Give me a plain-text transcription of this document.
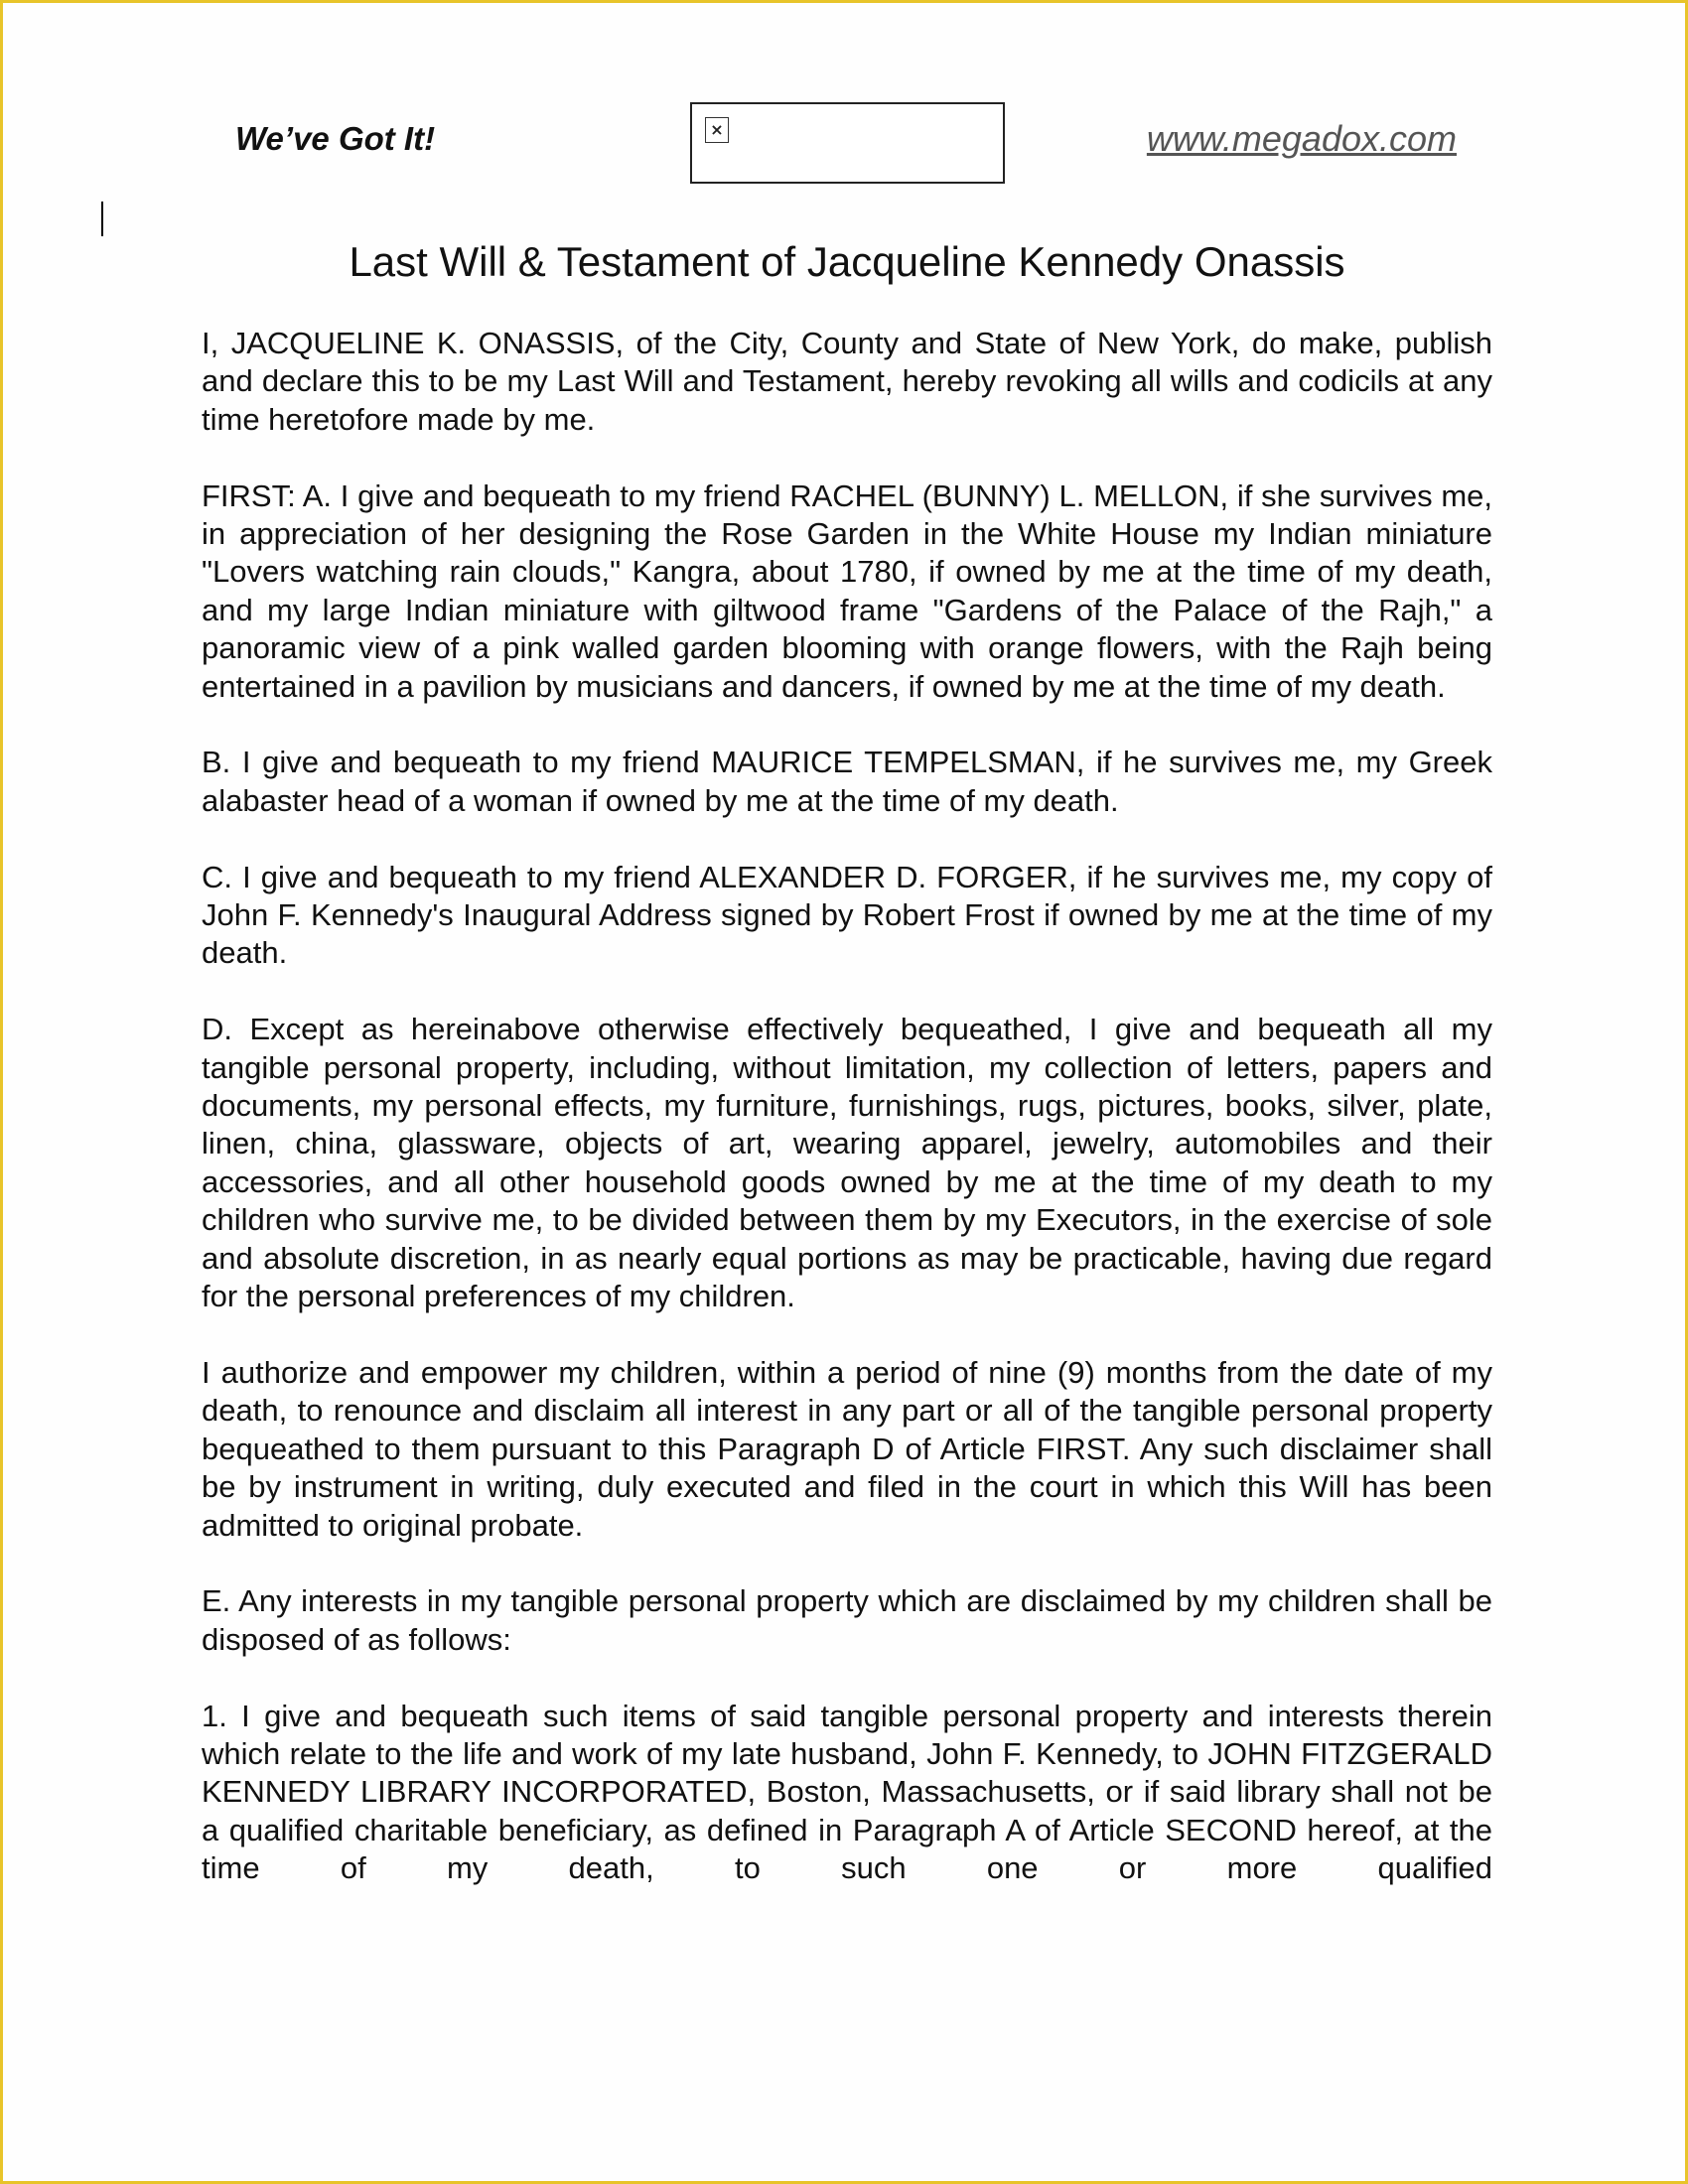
We’ve Got It!	×	www.megadox.com
Last Will & Testament of Jacqueline Kennedy Onassis

I, JACQUELINE K. ONASSIS, of the City, County and State of New York, do make, publish and declare this to be my Last Will and Testament, hereby revoking all wills and codicils at any time heretofore made by me.

FIRST: A. I give and bequeath to my friend RACHEL (BUNNY) L. MELLON, if she survives me, in appreciation of her designing the Rose Garden in the White House my Indian miniature "Lovers watching rain clouds," Kangra, about 1780, if owned by me at the time of my death, and my large Indian miniature with giltwood frame "Gardens of the Palace of the Rajh," a panoramic view of a pink walled garden blooming with orange flowers, with the Rajh being entertained in a pavilion by musicians and dancers, if owned by me at the time of my death.

B. I give and bequeath to my friend MAURICE TEMPELSMAN, if he survives me, my Greek alabaster head of a woman if owned by me at the time of my death.

C. I give and bequeath to my friend ALEXANDER D. FORGER, if he survives me, my copy of John F. Kennedy's Inaugural Address signed by Robert Frost if owned by me at the time of my death.

D. Except as hereinabove otherwise effectively bequeathed, I give and bequeath all my tangible personal property, including, without limitation, my collection of letters, papers and documents, my personal effects, my furniture, furnishings, rugs, pictures, books, silver, plate, linen, china, glassware, objects of art, wearing apparel, jewelry, automobiles and their accessories, and all other household goods owned by me at the time of my death to my children who survive me, to be divided between them by my Executors, in the exercise of sole and absolute discretion, in as nearly equal portions as may be practicable, having due regard for the personal preferences of my children.

I authorize and empower my children, within a period of nine (9) months from the date of my death, to renounce and disclaim all interest in any part or all of the tangible personal property bequeathed to them pursuant to this Paragraph D of Article FIRST. Any such disclaimer shall be by instrument in writing, duly executed and filed in the court in which this Will has been admitted to original probate.

E. Any interests in my tangible personal property which are disclaimed by my children shall be disposed of as follows:

1. I give and bequeath such items of said tangible personal property and interests therein which relate to the life and work of my late husband, John F. Kennedy, to JOHN FITZGERALD KENNEDY LIBRARY INCORPORATED, Boston, Massachusetts, or if said library shall not be a qualified charitable beneficiary, as defined in Paragraph A of Article SECOND hereof, at the time of my death, to such one or more qualified
